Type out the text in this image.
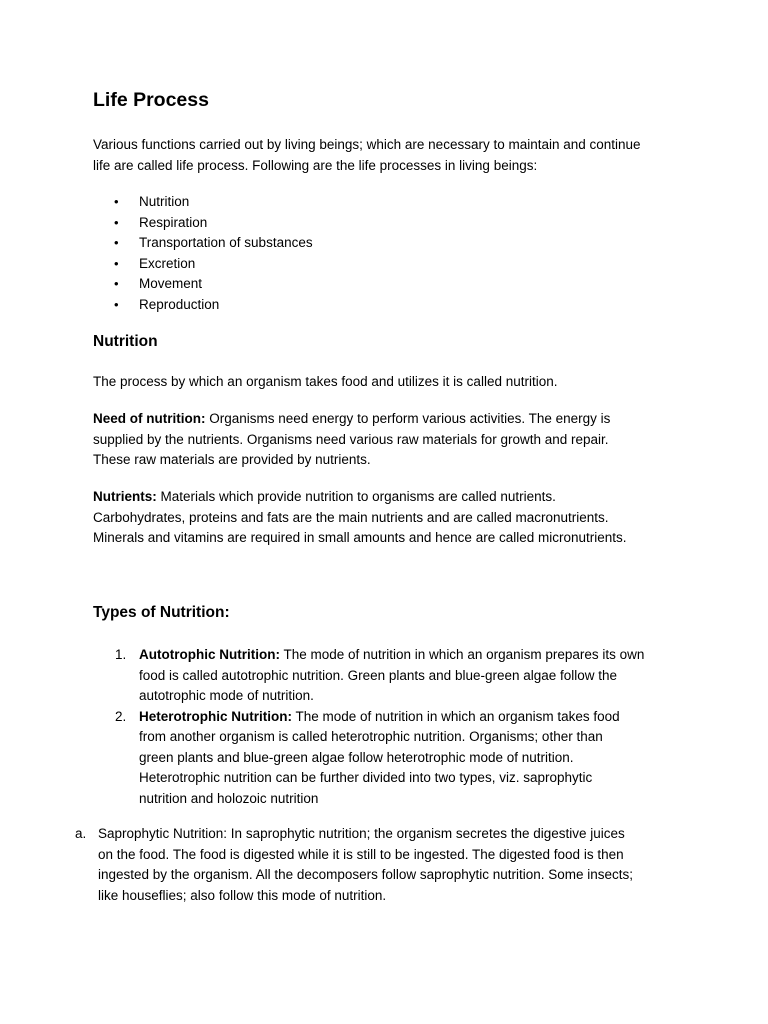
Life Process
Various functions carried out by living beings; which are necessary to maintain and continue
life are called life process. Following are the life processes in living beings:
• Nutrition
• Respiration
• Transportation of substances
• Excretion
• Movement
• Reproduction
Nutrition
The process by which an organism takes food and utilizes it is called nutrition.
Need of nutrition: Organisms need energy to perform various activities. The energy is
supplied by the nutrients. Organisms need various raw materials for growth and repair.
These raw materials are provided by nutrients.
Nutrients: Materials which provide nutrition to organisms are called nutrients.
Carbohydrates, proteins and fats are the main nutrients and are called macronutrients.
Minerals and vitamins are required in small amounts and hence are called micronutrients.
Types of Nutrition:
1. Autotrophic Nutrition: The mode of nutrition in which an organism prepares its own
food is called autotrophic nutrition. Green plants and blue-green algae follow the
autotrophic mode of nutrition.
2. Heterotrophic Nutrition: The mode of nutrition in which an organism takes food
from another organism is called heterotrophic nutrition. Organisms; other than
green plants and blue-green algae follow heterotrophic mode of nutrition.
Heterotrophic nutrition can be further divided into two types, viz. saprophytic
nutrition and holozoic nutrition
a. Saprophytic Nutrition: In saprophytic nutrition; the organism secretes the digestive juices
on the food. The food is digested while it is still to be ingested. The digested food is then
ingested by the organism. All the decomposers follow saprophytic nutrition. Some insects;
like houseflies; also follow this mode of nutrition.
